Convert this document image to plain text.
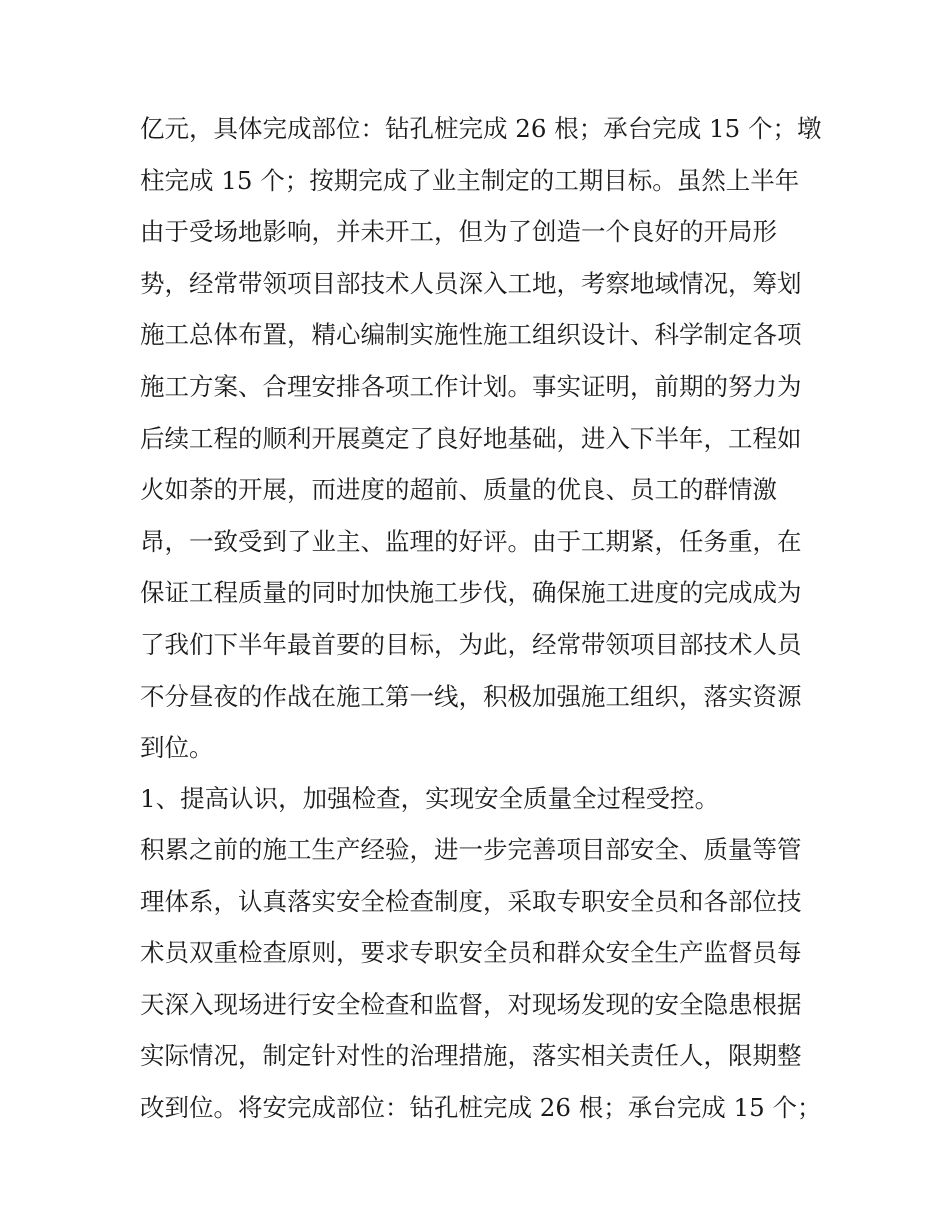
亿元，具体完成部位：钻孔桩完成 26 根；承台完成 15 个；墩
柱完成 15 个；按期完成了业主制定的工期目标。虽然上半年
由于受场地影响，并未开工，但为了创造一个良好的开局形
势，经常带领项目部技术人员深入工地，考察地域情况，筹划
施工总体布置，精心编制实施性施工组织设计、科学制定各项
施工方案、合理安排各项工作计划。事实证明，前期的努力为
后续工程的顺利开展奠定了良好地基础，进入下半年，工程如
火如荼的开展，而进度的超前、质量的优良、员工的群情激
昂，一致受到了业主、监理的好评。由于工期紧，任务重，在
保证工程质量的同时加快施工步伐，确保施工进度的完成成为
了我们下半年最首要的目标，为此，经常带领项目部技术人员
不分昼夜的作战在施工第一线，积极加强施工组织，落实资源
到位。
1、提高认识，加强检查，实现安全质量全过程受控。
积累之前的施工生产经验，进一步完善项目部安全、质量等管
理体系，认真落实安全检查制度，采取专职安全员和各部位技
术员双重检查原则，要求专职安全员和群众安全生产监督员每
天深入现场进行安全检查和监督，对现场发现的安全隐患根据
实际情况，制定针对性的治理措施，落实相关责任人，限期整
改到位。将安完成部位：钻孔桩完成 26 根；承台完成 15 个；
